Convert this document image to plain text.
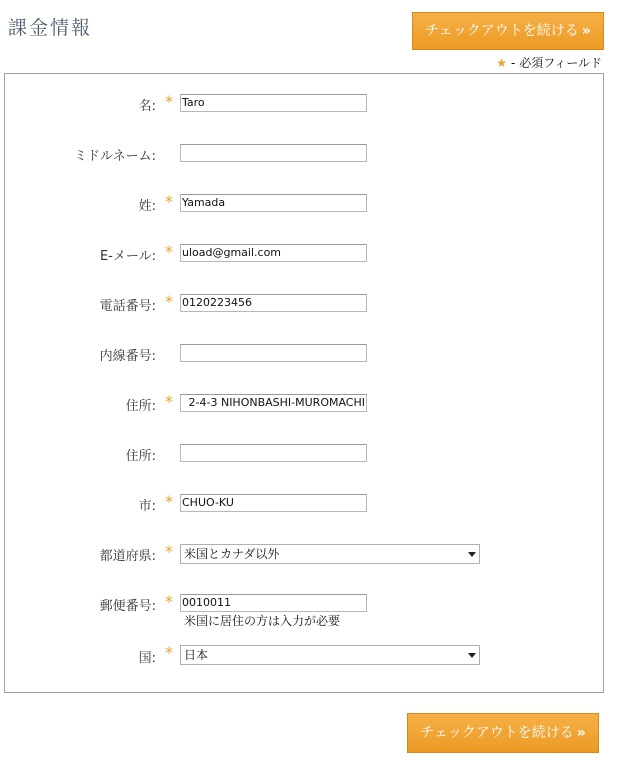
課金情報	チェックアウトを続ける »
★ - 必須フィールド
名: * Taro
ミドルネーム:
姓: * Yamada
E-メール: * uload@gmail.com
電話番号: * 0120223456
内線番号:
住所: *	2-4-3 NIHONBASHI-MUROMACHI
住所:
市: * CHUO-KU
都道府県: * 米国とカナダ以外
郵便番号: * 0010011
米国に居住の方は入力が必要
国: * 日本
チェックアウトを続ける »
